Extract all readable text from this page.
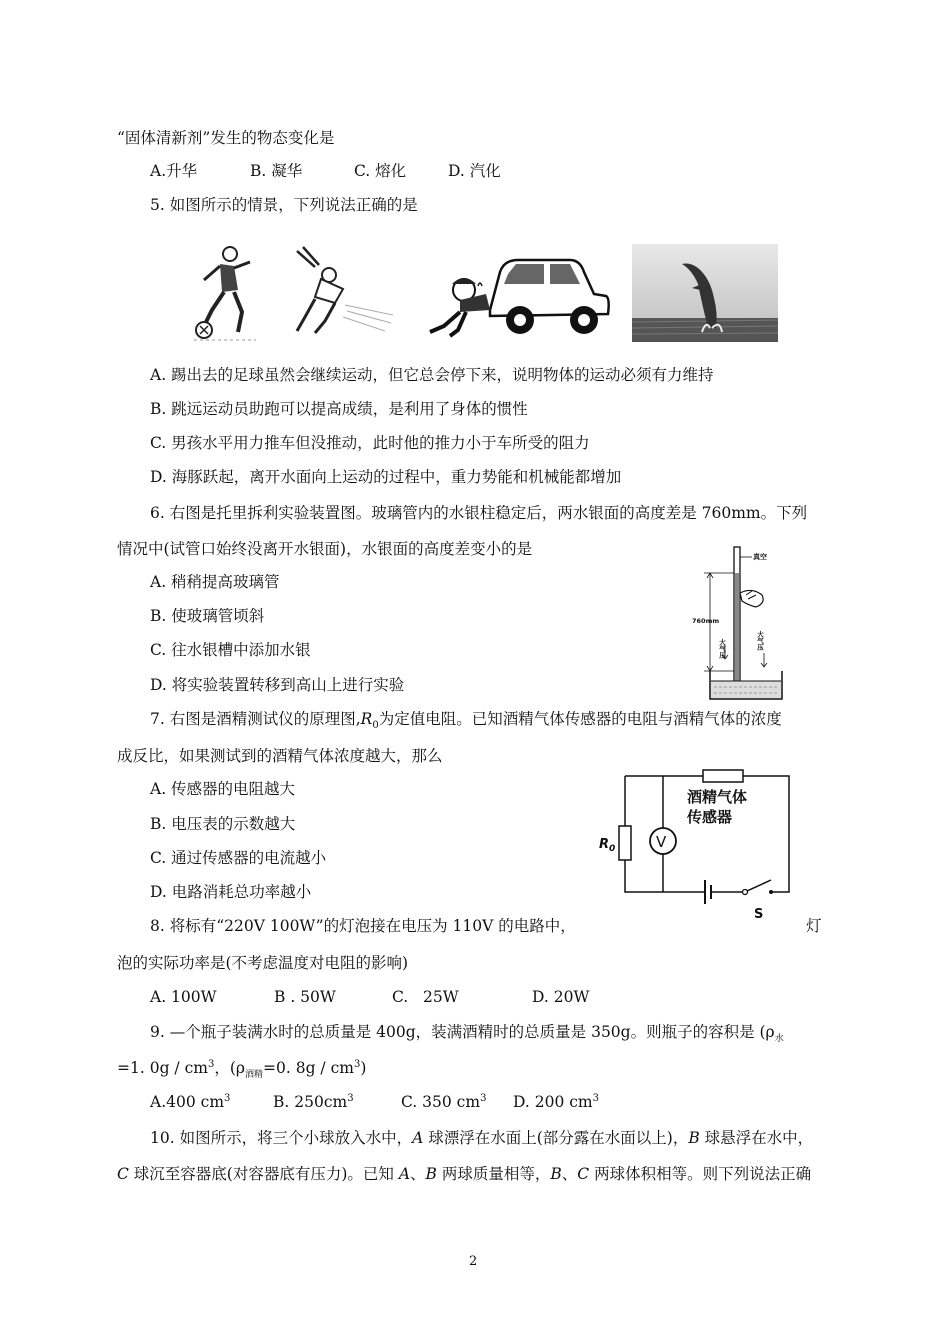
“固体清新剂”发生的物态变化是
A.升华	B. 凝华	C. 熔化	D. 汽化
5. 如图所示的情景，下列说法正确的是
A. 踢出去的足球虽然会继续运动，但它总会停下来，说明物体的运动必须有力维持
B. 跳远运动员助跑可以提高成绩，是利用了身体的惯性
C. 男孩水平用力推车但没推动，此时他的推力小于车所受的阻力
D. 海豚跃起，离开水面向上运动的过程中，重力势能和机械能都增加
6. 右图是托里拆利实验装置图。玻璃管内的水银柱稳定后，两水银面的高度差是 760mm。下列
情况中(试管口始终没离开水银面)，水银面的高度差变小的是
A. 稍稍提高玻璃管
B. 使玻璃管顷斜
C. 往水银槽中添加水银
D. 将实验装置转移到高山上进行实验
真空
760mm
大气压	大气压
7. 右图是酒精测试仪的原理图$,R_0$为定值电阻。已知酒精气体传感器的电阻与酒精气体的浓度
成反比，如果测试到的酒精气体浓度越大，那么
A. 传感器的电阻越大
B. 电压表的示数越大
C. 通过传感器的电流越小
D. 电路消耗总功率越小
$R_0$	V
酒精气体
传感器
S
8. 将标有“220V 100W”的灯泡接在电压为 110V 的电路中，	灯
泡的实际功率是(不考虑温度对电阻的影响)
A. 100W	B . 50W	C.   25W	D. 20W
9. —个瓶子装满水时的总质量是 400g，装满酒精时的总质量是 350g。则瓶子的容积是 ($\rho_水$
=1. $0g / cm^3$，($\rho_{酒精}=0$. $8g / cm^3$)
A.400 $cm^3$	B. $250cm^3$	C. 350 $cm^3$ D. 200 $cm^3$
10. 如图所示，将三个小球放入水中，A 球漂浮在水面上(部分露在水面以上)，B 球悬浮在水中，
C 球沉至容器底(对容器底有压力)。已知 A、B 两球质量相等，B、C 两球体积相等。则下列说法正确
2
